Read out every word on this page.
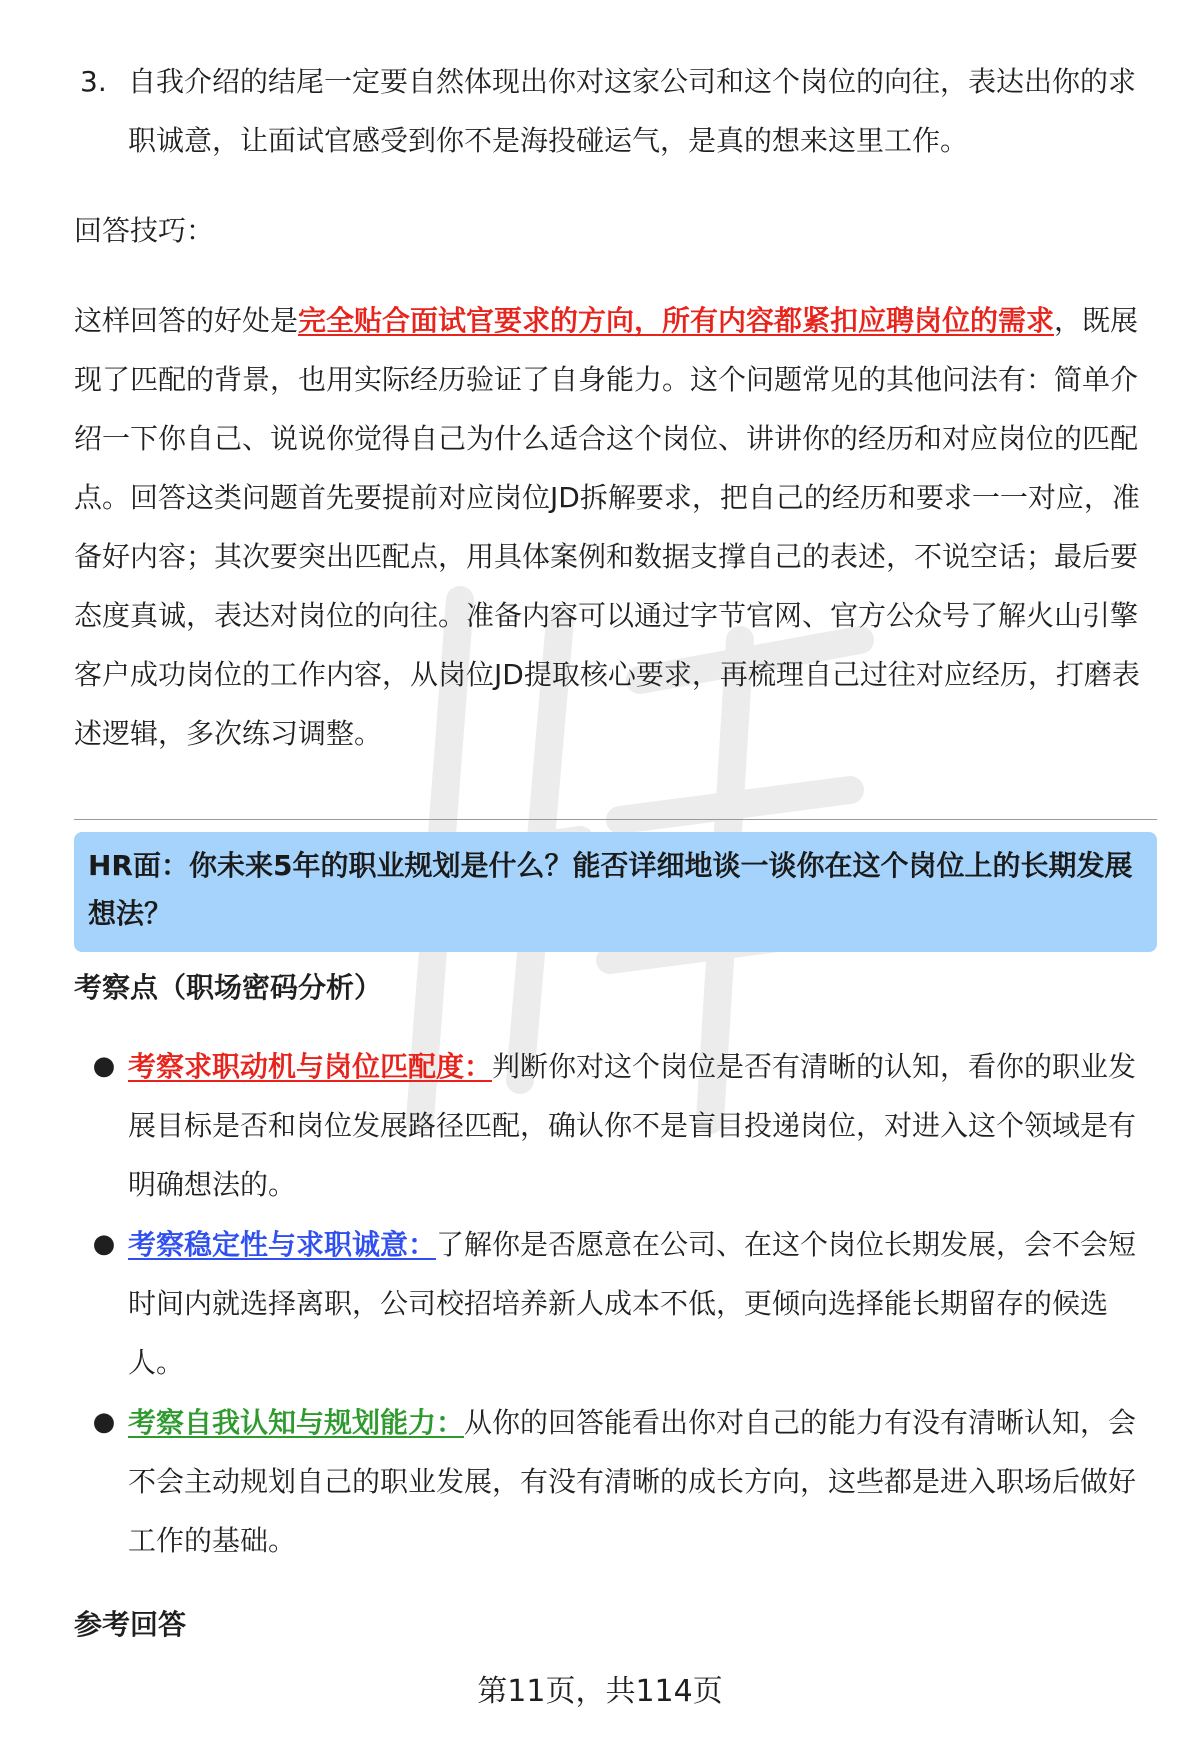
3. 自我介绍的结尾一定要自然体现出你对这家公司和这个岗位的向往，表达出你的求职诚意，让面试官感受到你不是海投碰运气，是真的想来这里工作。

回答技巧：

这样回答的好处是完全贴合面试官要求的方向，所有内容都紧扣应聘岗位的需求，既展现了匹配的背景，也用实际经历验证了自身能力。这个问题常见的其他问法有：简单介绍一下你自己、说说你觉得自己为什么适合这个岗位、讲讲你的经历和对应岗位的匹配点。回答这类问题首先要提前对应岗位JD拆解要求，把自己的经历和要求一一对应，准备好内容；其次要突出匹配点，用具体案例和数据支撑自己的表述，不说空话；最后要态度真诚，表达对岗位的向往。准备内容可以通过字节官网、官方公众号了解火山引擎客户成功岗位的工作内容，从岗位JD提取核心要求，再梳理自己过往对应经历，打磨表述逻辑，多次练习调整。

HR面：你未来5年的职业规划是什么？能否详细地谈一谈你在这个岗位上的长期发展想法？
考察点（职场密码分析）
● 考察求职动机与岗位匹配度：判断你对这个岗位是否有清晰的认知，看你的职业发展目标是否和岗位发展路径匹配，确认你不是盲目投递岗位，对进入这个领域是有明确想法的。
● 考察稳定性与求职诚意：了解你是否愿意在公司、在这个岗位长期发展，会不会短时间内就选择离职，公司校招培养新人成本不低，更倾向选择能长期留存的候选人。
● 考察自我认知与规划能力：从你的回答能看出你对自己的能力有没有清晰认知，会不会主动规划自己的职业发展，有没有清晰的成长方向，这些都是进入职场后做好工作的基础。
参考回答
第11页，共114页
